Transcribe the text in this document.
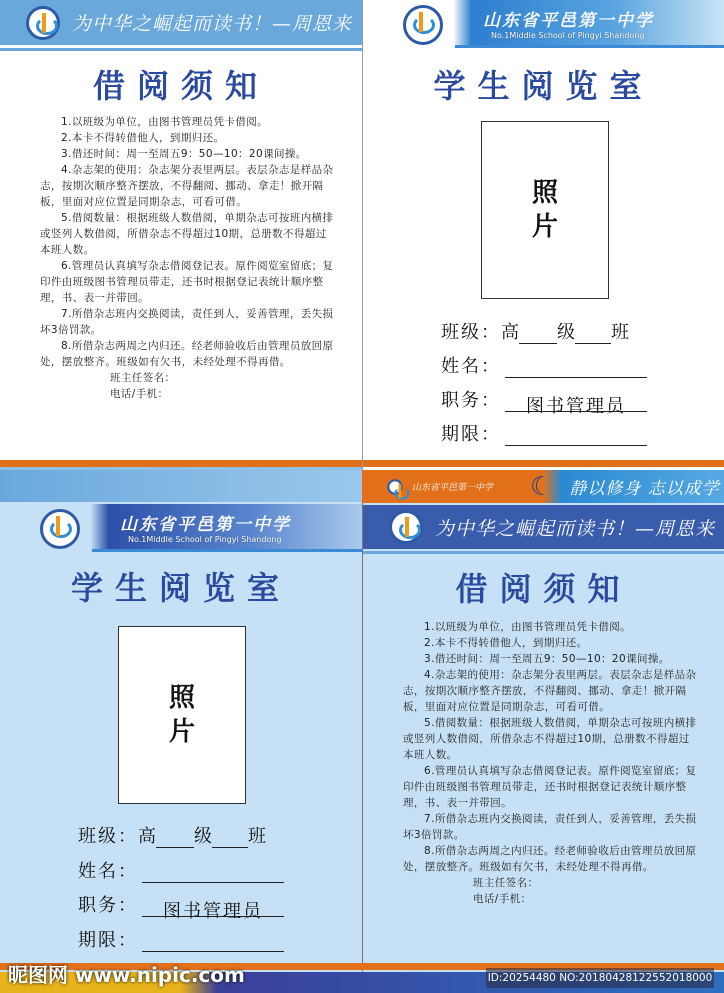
为中华之崛起而读书！—周恩来
借阅须知

1.以班级为单位，由图书管理员凭卡借阅。

2.本卡不得转借他人，到期归还。

3.借还时间：周一至周五9：50—10：20课间操。

4.杂志架的使用：杂志架分表里两层。表层杂志是样品杂志，按期次顺序整齐摆放，不得翻阅、挪动、拿走！掀开隔板，里面对应位置是同期杂志，可看可借。

5.借阅数量：根据班级人数借阅，单期杂志可按班内横排或竖列人数借阅，所借杂志不得超过10期，总册数不得超过本班人数。

6.管理员认真填写杂志借阅登记表。原件阅览室留底；复印件由班级图书管理员带走，还书时根据登记表统计顺序整理，书、表一并带回。

7.所借杂志班内交换阅读，责任到人，妥善管理，丢失损坏3倍罚款。

8.所借杂志两周之内归还。经老师验收后由管理员放回原处，摆放整齐。班级如有欠书，未经处理不得再借。

班主任签名：

电话/手机：

山东省平邑第一中学
No.1Middle School of Pingyi Shandong
学生阅览室
照片
班级： 高 级 班
姓名：
职务：	图书管理员
期限：
山东省平邑第一中学	☾ 静以修身 志以成学
山东省平邑第一中学
No.1Middle School of Pingyi Shandong
学生阅览室
照片
班级： 高 级 班
姓名：
职务：	图书管理员
期限：
为中华之崛起而读书！—周恩来
借阅须知

1.以班级为单位，由图书管理员凭卡借阅。

2.本卡不得转借他人，到期归还。

3.借还时间：周一至周五9：50—10：20课间操。

4.杂志架的使用：杂志架分表里两层。表层杂志是样品杂志，按期次顺序整齐摆放，不得翻阅、挪动、拿走！掀开隔板，里面对应位置是同期杂志，可看可借。

5.借阅数量：根据班级人数借阅，单期杂志可按班内横排或竖列人数借阅，所借杂志不得超过10期，总册数不得超过本班人数。

6.管理员认真填写杂志借阅登记表。原件阅览室留底；复印件由班级图书管理员带走，还书时根据登记表统计顺序整理，书、表一并带回。

7.所借杂志班内交换阅读，责任到人，妥善管理，丢失损坏3倍罚款。

8.所借杂志两周之内归还。经老师验收后由管理员放回原处，摆放整齐。班级如有欠书，未经处理不得再借。

班主任签名：

电话/手机：

昵图网 www.nipic.com	ID:20254480 NO:20180428122552018000
